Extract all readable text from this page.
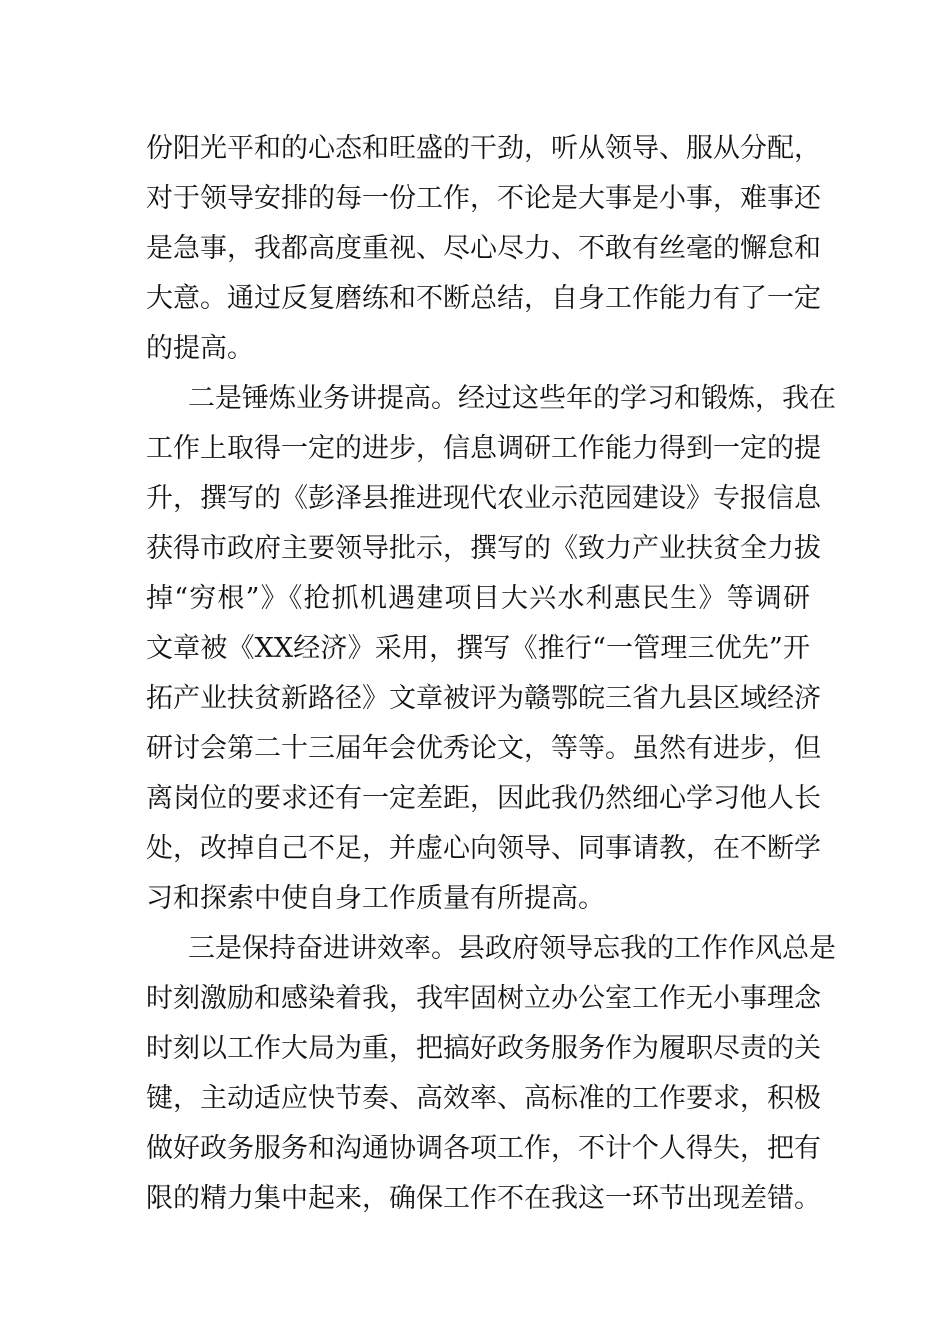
份阳光平和的心态和旺盛的干劲，听从领导、服从分配，
对于领导安排的每一份工作，不论是大事是小事，难事还
是急事，我都高度重视、尽心尽力、不敢有丝毫的懈怠和
大意。通过反复磨练和不断总结，自身工作能力有了一定
的提高。
二是锤炼业务讲提高。经过这些年的学习和锻炼，我在
工作上取得一定的进步，信息调研工作能力得到一定的提
升，撰写的《彭泽县推进现代农业示范园建设》专报信息
获得市政府主要领导批示，撰写的《致力产业扶贫全力拔
掉“穷根”》《抢抓机遇建项目大兴水利惠民生》等调研
文章被《XX经济》采用，撰写《推行“一管理三优先”开
拓产业扶贫新路径》文章被评为赣鄂皖三省九县区域经济
研讨会第二十三届年会优秀论文，等等。虽然有进步，但
离岗位的要求还有一定差距，因此我仍然细心学习他人长
处，改掉自己不足，并虚心向领导、同事请教，在不断学
习和探索中使自身工作质量有所提高。
三是保持奋进讲效率。县政府领导忘我的工作作风总是
时刻激励和感染着我，我牢固树立办公室工作无小事理念
时刻以工作大局为重，把搞好政务服务作为履职尽责的关
键，主动适应快节奏、高效率、高标准的工作要求，积极
做好政务服务和沟通协调各项工作，不计个人得失，把有
限的精力集中起来，确保工作不在我这一环节出现差错。
